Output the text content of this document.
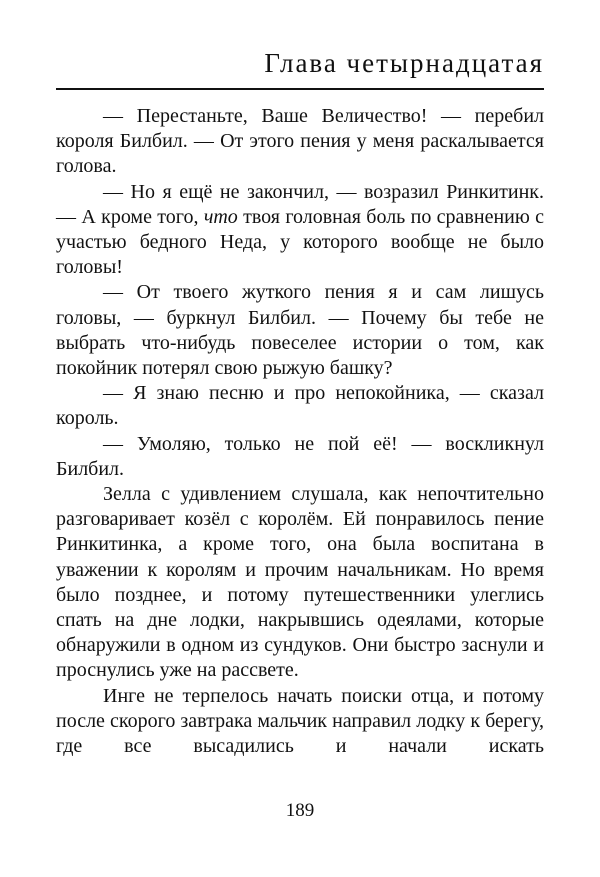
Глава четырнадцатая

— Перестаньте, Ваше Величество! — перебил короля Билбил. — От этого пения у меня раскалывается голова.

— Но я ещё не закончил, — возразил Ринкитинк. — А кроме того, что твоя головная боль по сравнению с участью бедного Неда, у которого вообще не было головы!

— От твоего жуткого пения я и сам лишусь головы, — буркнул Билбил. — Почему бы тебе не выбрать что-нибудь повеселее истории о том, как покойник потерял свою рыжую башку?

— Я знаю песню и про непокойника, — сказал король.

— Умоляю, только не пой её! — воскликнул Билбил.

Зелла с удивлением слушала, как непочтительно разговаривает козёл с королём. Ей понравилось пение Ринкитинка, а кроме того, она была воспитана в уважении к королям и прочим начальникам. Но время было позднее, и потому путешественники улеглись спать на дне лодки, накрывшись одеялами, которые обнаружили в одном из сундуков. Они быстро заснули и проснулись уже на рассвете.

Инге не терпелось начать поиски отца, и потому после скорого завтрака мальчик направил лодку к берегу, где все высадились и начали искать

189
